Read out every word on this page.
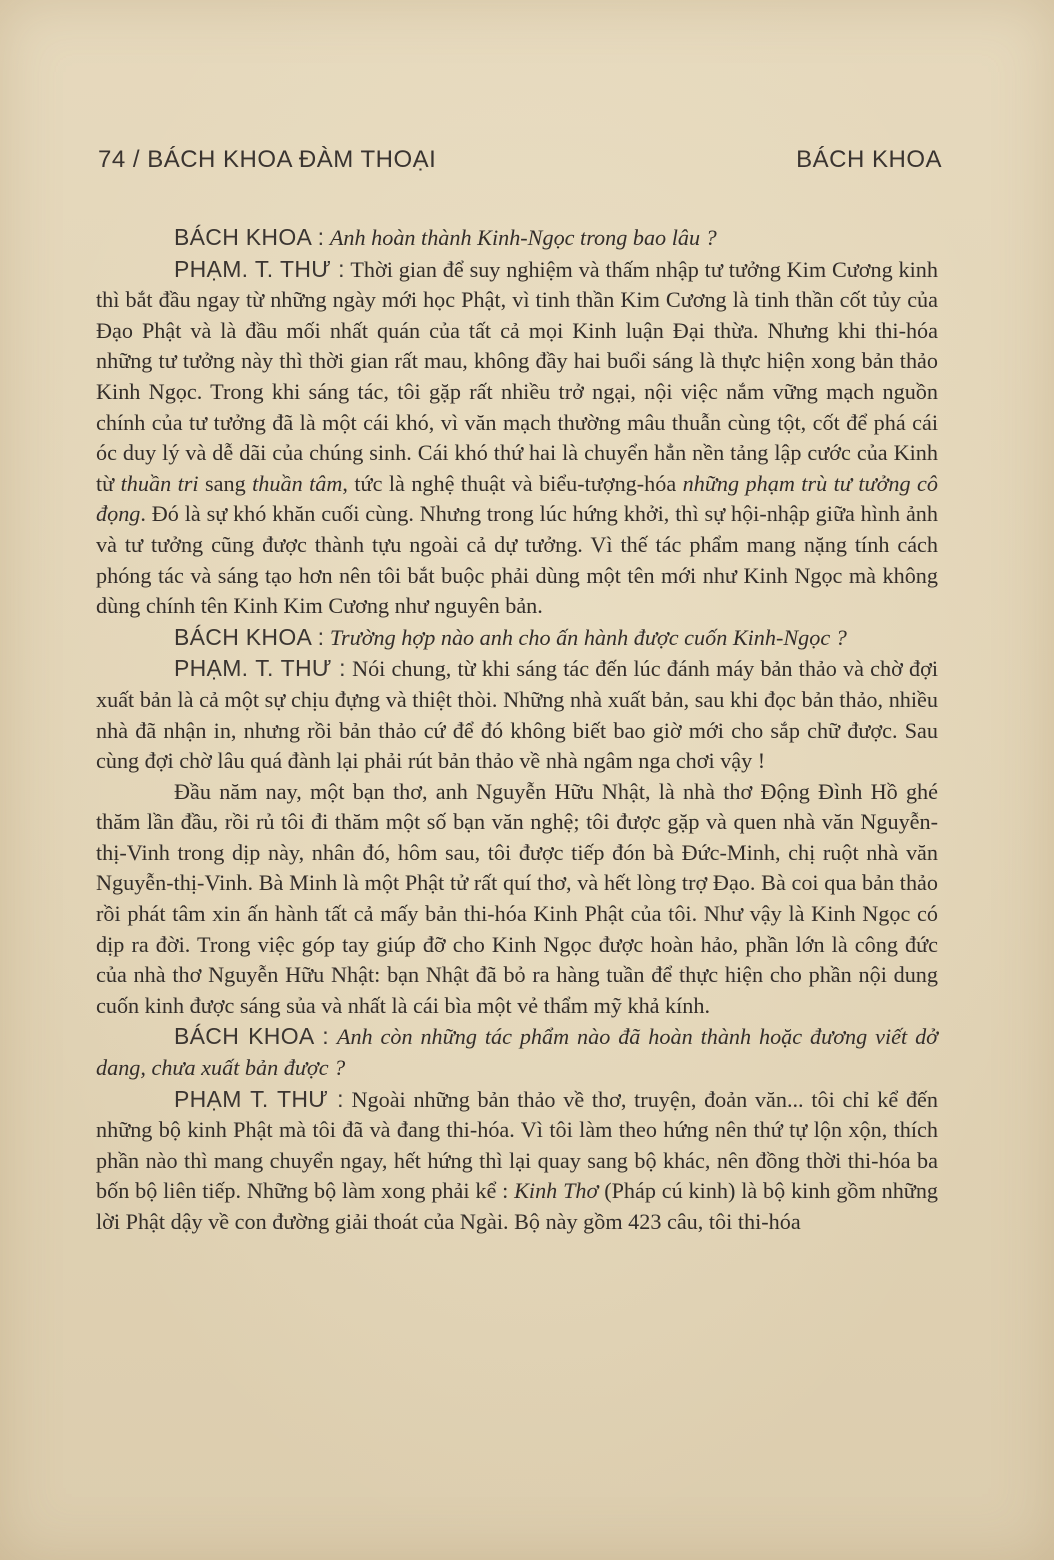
74 / BÁCH KHOA ĐÀM THOẠI	BÁCH KHOA

BÁCH KHOA : Anh hoàn thành Kinh-Ngọc trong bao lâu ?

PHẠM. T. THƯ : Thời gian để suy nghiệm và thấm nhập tư tưởng Kim Cương kinh thì bắt đầu ngay từ những ngày mới học Phật, vì tinh thần Kim Cương là tinh thần cốt tủy của Đạo Phật và là đầu mối nhất quán của tất cả mọi Kinh luận Đại thừa. Nhưng khi thi-hóa những tư tưởng này thì thời gian rất mau, không đầy hai buổi sáng là thực hiện xong bản thảo Kinh Ngọc. Trong khi sáng tác, tôi gặp rất nhiều trở ngại, nội việc nắm vững mạch nguồn chính của tư tưởng đã là một cái khó, vì văn mạch thường mâu thuẫn cùng tột, cốt để phá cái óc duy lý và dễ dãi của chúng sinh. Cái khó thứ hai là chuyển hẳn nền tảng lập cước của Kinh từ thuần tri sang thuần tâm, tức là nghệ thuật và biểu-tượng-hóa những phạm trù tư tưởng cô đọng. Đó là sự khó khăn cuối cùng. Nhưng trong lúc hứng khởi, thì sự hội-nhập giữa hình ảnh và tư tưởng cũng được thành tựu ngoài cả dự tưởng. Vì thế tác phẩm mang nặng tính cách phóng tác và sáng tạo hơn nên tôi bắt buộc phải dùng một tên mới như Kinh Ngọc mà không dùng chính tên Kinh Kim Cương như nguyên bản.

BÁCH KHOA : Trường hợp nào anh cho ấn hành được cuốn Kinh-Ngọc ?

PHẠM. T. THƯ : Nói chung, từ khi sáng tác đến lúc đánh máy bản thảo và chờ đợi xuất bản là cả một sự chịu đựng và thiệt thòi. Những nhà xuất bản, sau khi đọc bản thảo, nhiều nhà đã nhận in, nhưng rồi bản thảo cứ để đó không biết bao giờ mới cho sắp chữ được. Sau cùng đợi chờ lâu quá đành lại phải rút bản thảo về nhà ngâm nga chơi vậy !

Đầu năm nay, một bạn thơ, anh Nguyễn Hữu Nhật, là nhà thơ Động Đình Hồ ghé thăm lần đầu, rồi rủ tôi đi thăm một số bạn văn nghệ; tôi được gặp và quen nhà văn Nguyễn-thị-Vinh trong dịp này, nhân đó, hôm sau, tôi được tiếp đón bà Đức-Minh, chị ruột nhà văn Nguyễn-thị-Vinh. Bà Minh là một Phật tử rất quí thơ, và hết lòng trợ Đạo. Bà coi qua bản thảo rồi phát tâm xin ấn hành tất cả mấy bản thi-hóa Kinh Phật của tôi. Như vậy là Kinh Ngọc có dịp ra đời. Trong việc góp tay giúp đỡ cho Kinh Ngọc được hoàn hảo, phần lớn là công đức của nhà thơ Nguyễn Hữu Nhật: bạn Nhật đã bỏ ra hàng tuần để thực hiện cho phần nội dung cuốn kinh được sáng sủa và nhất là cái bìa một vẻ thẩm mỹ khả kính.

BÁCH KHOA : Anh còn những tác phẩm nào đã hoàn thành hoặc đương viết dở dang, chưa xuất bản được ?

PHẠM T. THƯ : Ngoài những bản thảo về thơ, truyện, đoản văn... tôi chỉ kể đến những bộ kinh Phật mà tôi đã và đang thi-hóa. Vì tôi làm theo hứng nên thứ tự lộn xộn, thích phần nào thì mang chuyển ngay, hết hứng thì lại quay sang bộ khác, nên đồng thời thi-hóa ba bốn bộ liên tiếp. Những bộ làm xong phải kể : Kinh Thơ (Pháp cú kinh) là bộ kinh gồm những lời Phật dậy về con đường giải thoát của Ngài. Bộ này gồm 423 câu, tôi thi-hóa
